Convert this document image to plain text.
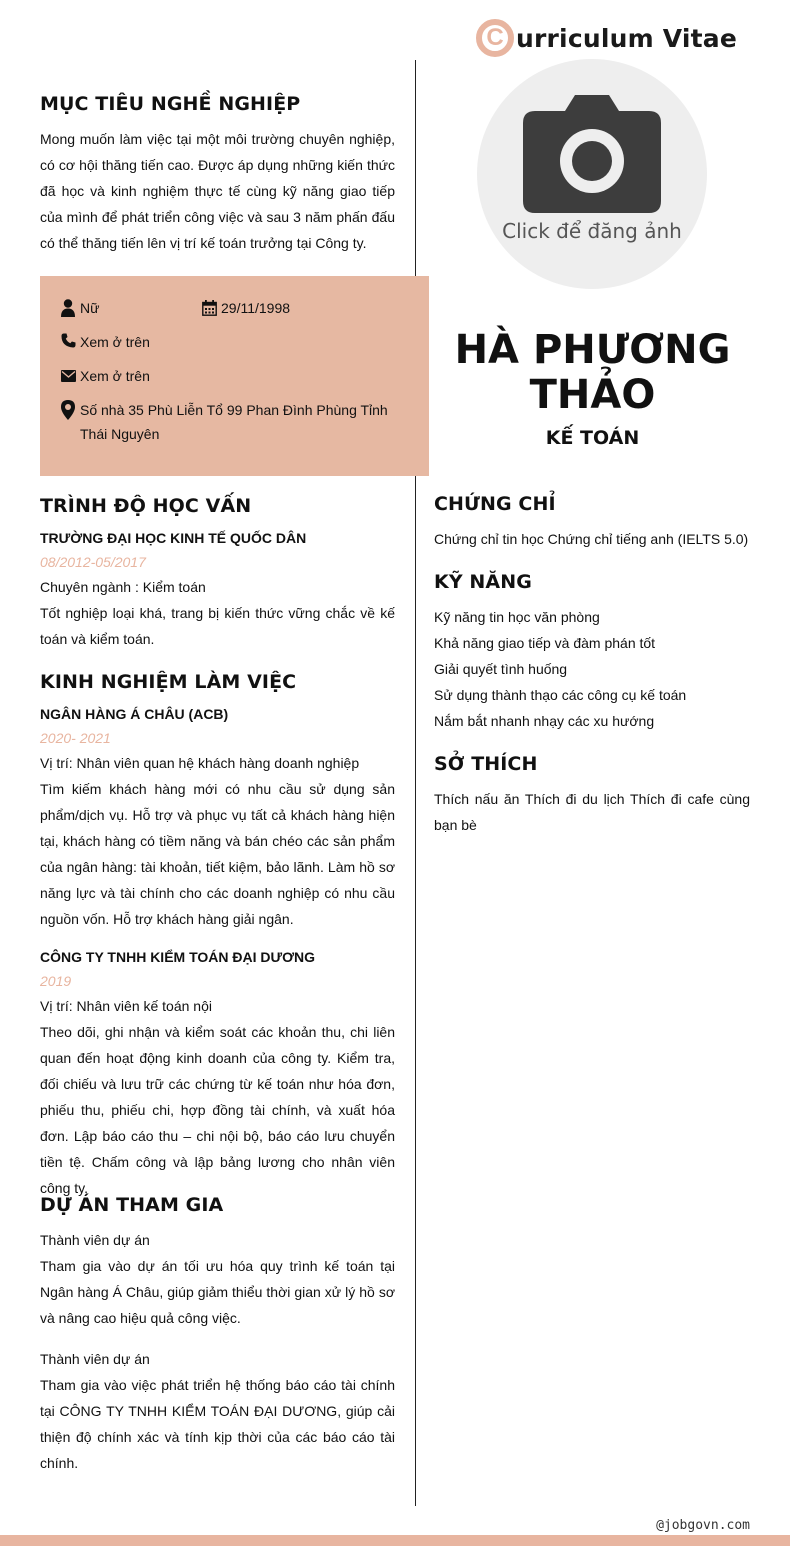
C urriculum Vitae
Click để đăng ảnh
MỤC TIÊU NGHỀ NGHIỆP
Mong muốn làm việc tại một môi trường chuyên nghiệp, có cơ hội thăng tiến cao. Được áp dụng những kiến thức đã học và kinh nghiệm thực tế cùng kỹ năng giao tiếp của mình để phát triển công việc và sau 3 năm phấn đấu có thể thăng tiến lên vị trí kế toán trưởng tại Công ty.
Nữ	29/11/1998
Xem ở trên
Xem ở trên
Số nhà 35 Phù Liễn Tổ 99 Phan Đình Phùng Tỉnh Thái Nguyên
HÀ PHƯƠNG THẢO
KẾ TOÁN
TRÌNH ĐỘ HỌC VẤN
TRƯỜNG ĐẠI HỌC KINH TẾ QUỐC DÂN
08/2012-05/2017
Chuyên ngành : Kiểm toán
Tốt nghiệp loại khá, trang bị kiến thức vững chắc về kế toán và kiểm toán.
KINH NGHIỆM LÀM VIỆC
NGÂN HÀNG Á CHÂU (ACB)
2020- 2021
Vị trí: Nhân viên quan hệ khách hàng doanh nghiệp
Tìm kiếm khách hàng mới có nhu cầu sử dụng sản phẩm/dịch vụ. Hỗ trợ và phục vụ tất cả khách hàng hiện tại, khách hàng có tiềm năng và bán chéo các sản phẩm của ngân hàng: tài khoản, tiết kiệm, bảo lãnh. Làm hồ sơ năng lực và tài chính cho các doanh nghiệp có nhu cầu nguồn vốn. Hỗ trợ khách hàng giải ngân.
CÔNG TY TNHH KIỂM TOÁN ĐẠI DƯƠNG
2019
Vị trí: Nhân viên kế toán nội
Theo dõi, ghi nhận và kiểm soát các khoản thu, chi liên quan đến hoạt động kinh doanh của công ty. Kiểm tra, đối chiếu và lưu trữ các chứng từ kế toán như hóa đơn, phiếu thu, phiếu chi, hợp đồng tài chính, và xuất hóa đơn. Lập báo cáo thu – chi nội bộ, báo cáo lưu chuyển tiền tệ. Chấm công và lập bảng lương cho nhân viên công ty.
DỰ ÁN THAM GIA
Thành viên dự án
Tham gia vào dự án tối ưu hóa quy trình kế toán tại Ngân hàng Á Châu, giúp giảm thiểu thời gian xử lý hồ sơ và nâng cao hiệu quả công việc.
Thành viên dự án
Tham gia vào việc phát triển hệ thống báo cáo tài chính tại CÔNG TY TNHH KIỂM TOÁN ĐẠI DƯƠNG, giúp cải thiện độ chính xác và tính kịp thời của các báo cáo tài chính.
CHỨNG CHỈ
Chứng chỉ tin học Chứng chỉ tiếng anh (IELTS 5.0)
KỸ NĂNG
Kỹ năng tin học văn phòng
Khả năng giao tiếp và đàm phán tốt
Giải quyết tình huống
Sử dụng thành thạo các công cụ kế toán
Nắm bắt nhanh nhạy các xu hướng
SỞ THÍCH
Thích nấu ăn Thích đi du lịch Thích đi cafe cùng bạn bè
@jobgovn.com
